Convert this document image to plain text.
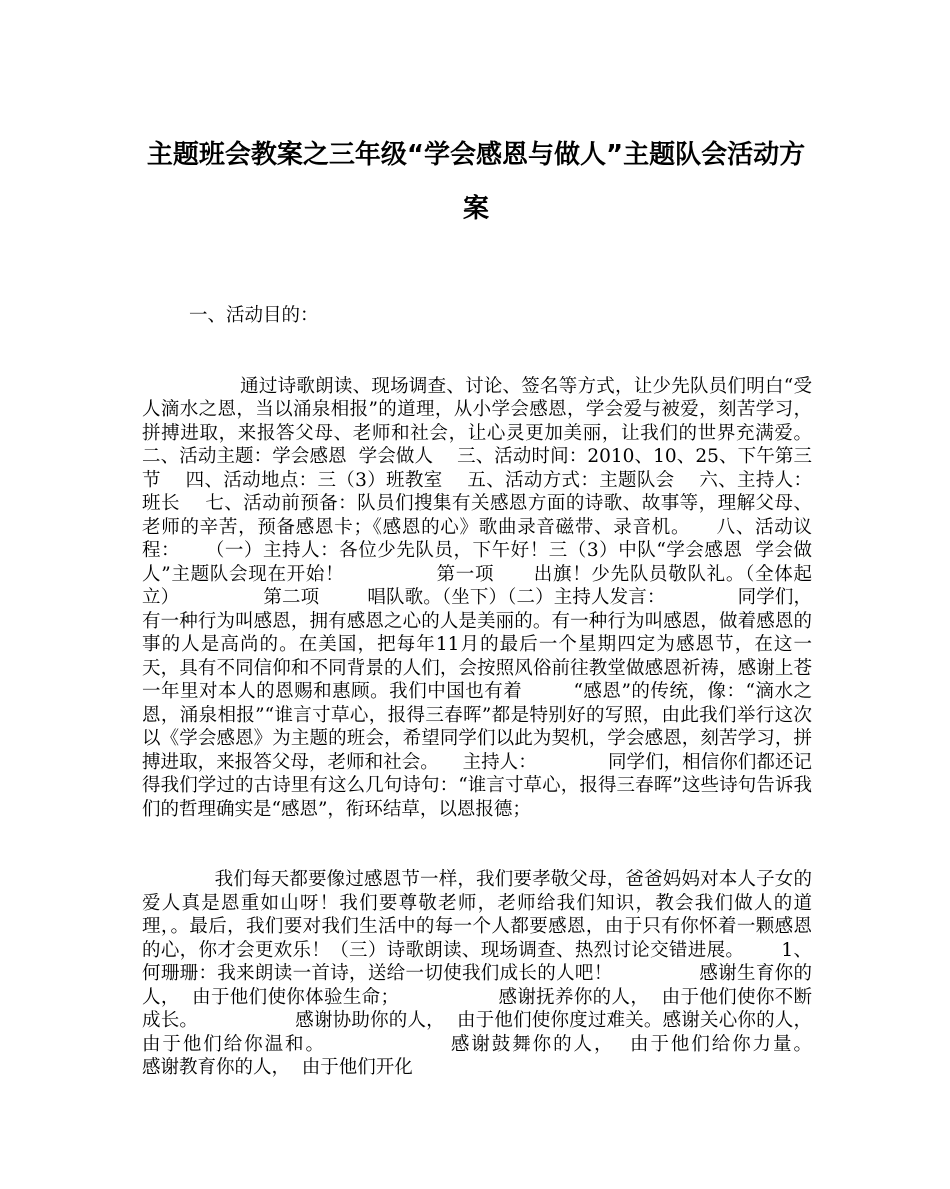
主题班会教案之三年级“学会感恩与做人”主题队会活动方案

一、活动目的：

通过诗歌朗读、现场调查、讨论、签名等方式，让少先队员们明白“受人滴水之恩，当以涌泉相报”的道理，从小学会感恩，学会爱与被爱，刻苦学习，拼搏进取，来报答父母、老师和社会，让心灵更加美丽，让我们的世界充满爱。    二、活动主题：学会感恩  学会做人    三、活动时间：2010、10、25、下午第三节    四、活动地点：三（3）班教室    五、活动方式：主题队会    六、主持人：班长    七、活动前预备：队员们搜集有关感恩方面的诗歌、故事等，理解父母、老师的辛苦，预备感恩卡；《感恩的心》歌曲录音磁带、录音机。    八、活动议程：    （一）主持人：各位少先队员，下午好！三（3）中队“学会感恩  学会做人”主题队会现在开始！              第一项      出旗！少先队员敬队礼。（全体起立）              第二项        唱队歌。（坐下）（二）主持人发言：            同学们，有一种行为叫感恩，拥有感恩之心的人是美丽的。有一种行为叫感恩，做着感恩的事的人是高尚的。在美国，把每年11月的最后一个星期四定为感恩节，在这一天，具有不同信仰和不同背景的人们，会按照风俗前往教堂做感恩祈祷，感谢上苍一年里对本人的恩赐和惠顾。我们中国也有着        “感恩”的传统，像：“滴水之恩，涌泉相报”“谁言寸草心，报得三春晖”都是特别好的写照，由此我们举行这次以《学会感恩》为主题的班会，希望同学们以此为契机，学会感恩，刻苦学习，拼搏进取，来报答父母，老师和社会。    主持人：            同学们，相信你们都还记得我们学过的古诗里有这么几句诗句：“谁言寸草心，报得三春晖”这些诗句告诉我们的哲理确实是“感恩”，衔环结草，以恩报德；

我们每天都要像过感恩节一样，我们要孝敬父母，爸爸妈妈对本人子女的爱人真是恩重如山呀！我们要尊敬老师，老师给我们知识，教会我们做人的道理，。最后，我们要对我们生活中的每一个人都要感恩，由于只有你怀着一颗感恩的心，你才会更欢乐！（三）诗歌朗读、现场调查、热烈讨论交错进展。      1、何珊珊：我来朗读一首诗，送给一切使我们成长的人吧！              感谢生育你的人，  由于他们使你体验生命；                感谢抚养你的人，  由于他们使你不断成长。                感谢协助你的人，  由于他们使你度过难关。感谢关心你的人，  由于他们给你温和。                感谢鼓舞你的人，  由于他们给你力量。                感谢教育你的人，  由于他们开化
